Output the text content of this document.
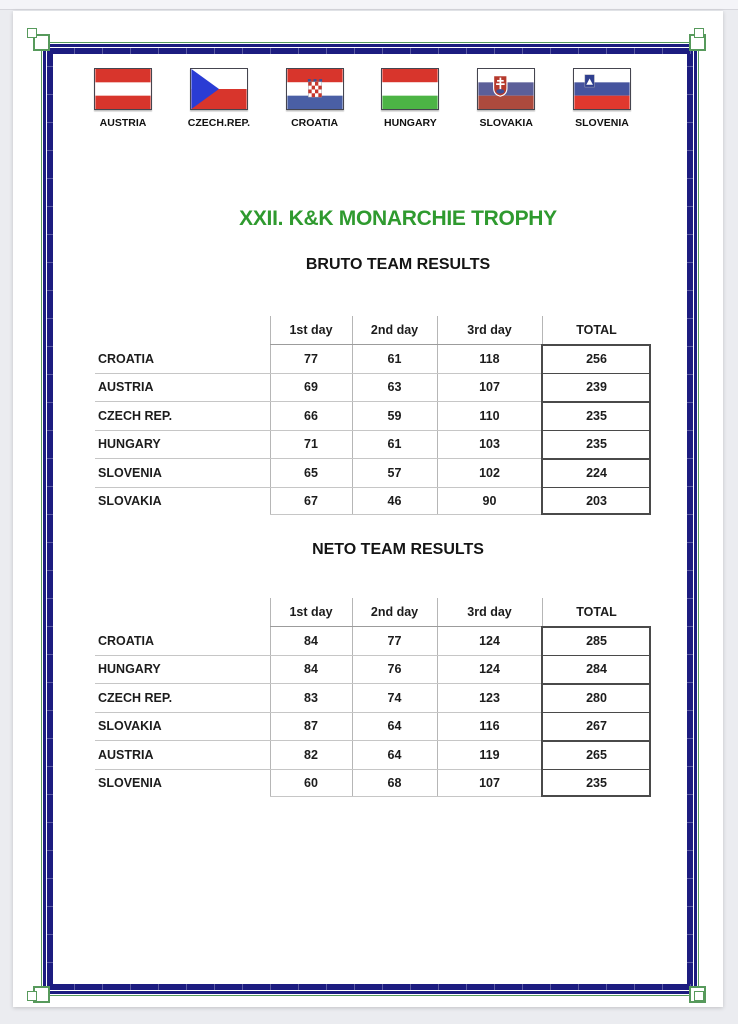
AUSTRIA	CZECH.REP.	CROATIA	HUNGARY	SLOVAKIA	SLOVENIA
XXII. K&K MONARCHIE TROPHY
BRUTO TEAM RESULTS
NETO TEAM RESULTS
1st day	2nd day	3rd day	TOTAL
CROATIA	77	61	118	256
AUSTRIA	69	63	107	239
CZECH REP.	66	59	110	235
HUNGARY	71	61	103	235
SLOVENIA	65	57	102	224
SLOVAKIA	67	46	90	203
1st day	2nd day	3rd day	TOTAL
CROATIA	84	77	124	285
HUNGARY	84	76	124	284
CZECH REP.	83	74	123	280
SLOVAKIA	87	64	116	267
AUSTRIA	82	64	119	265
SLOVENIA	60	68	107	235
